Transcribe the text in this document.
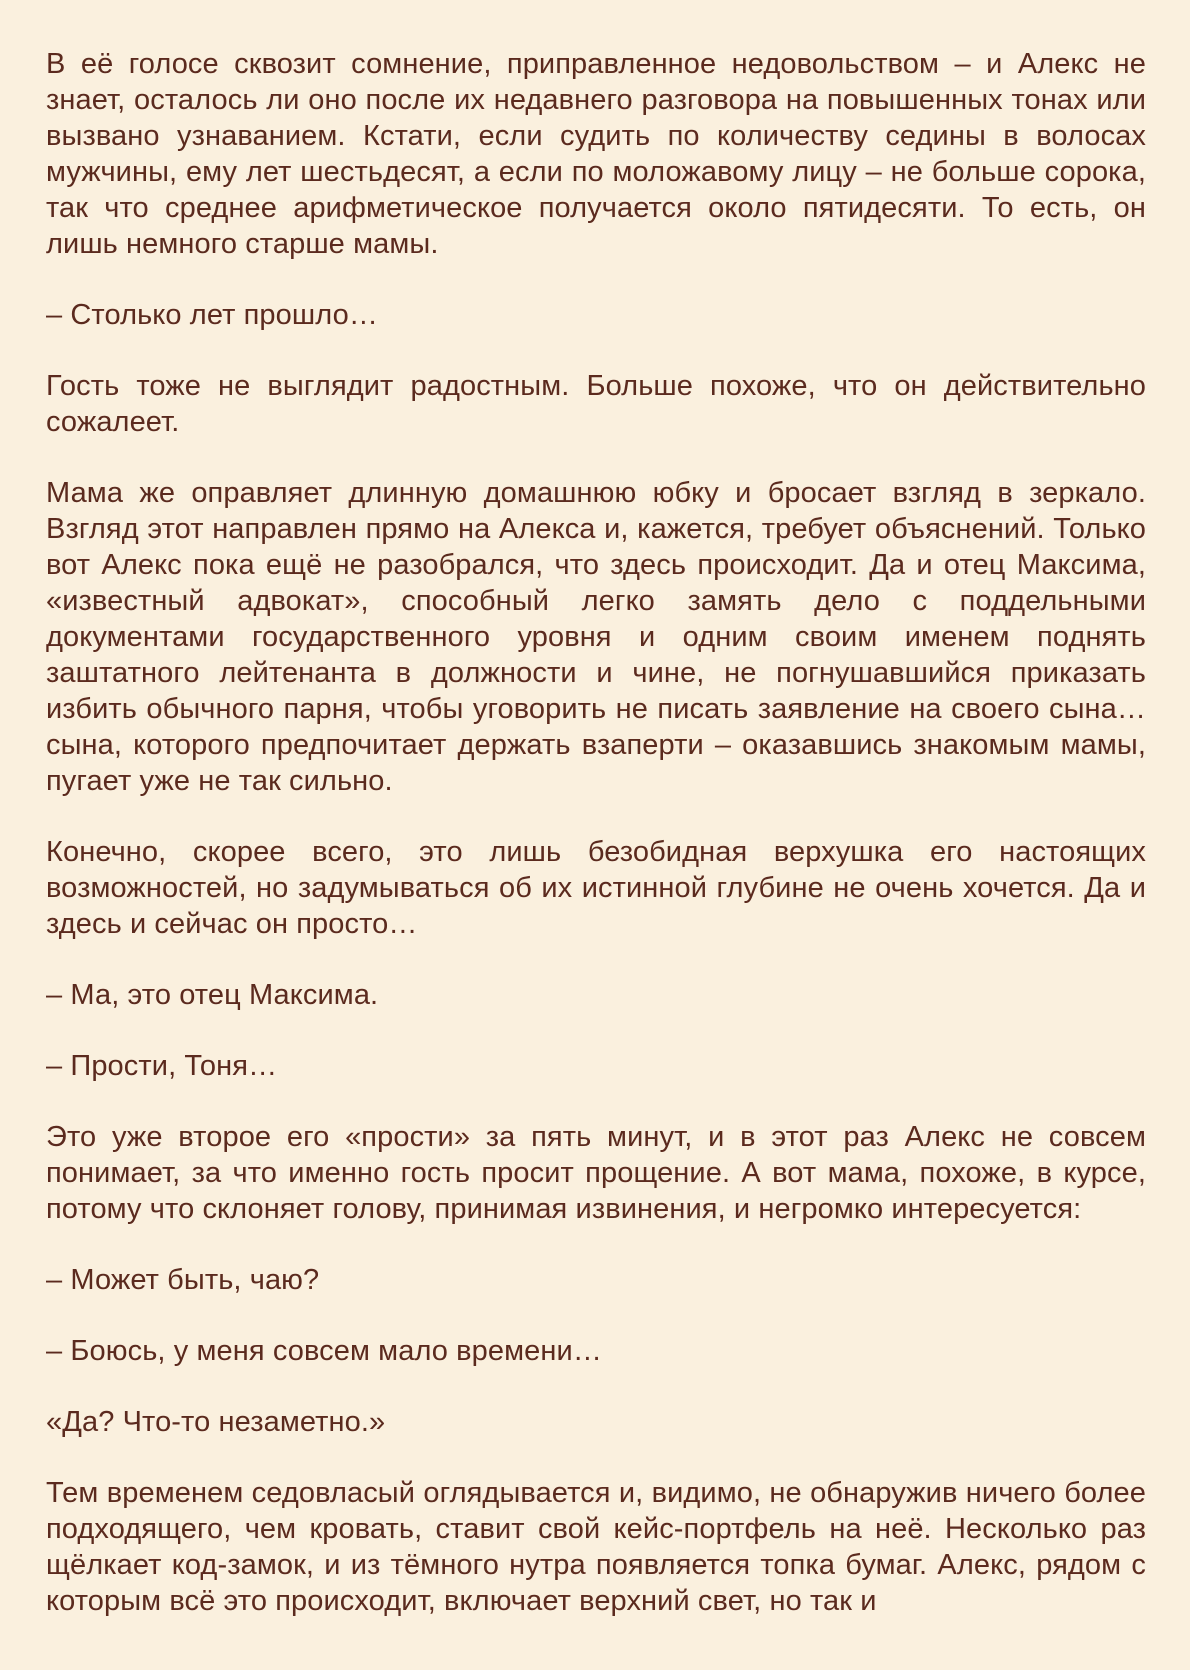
В её голосе сквозит сомнение, приправленное недовольством – и Алекс не знает, осталось ли оно после их недавнего разговора на повышенных тонах или вызвано узнаванием. Кстати, если судить по количеству седины в волосах мужчины, ему лет шестьдесят, а если по моложавому лицу – не больше сорока, так что среднее арифметическое получается около пятидесяти. То есть, он лишь немного старше мамы.

– Столько лет прошло…

Гость тоже не выглядит радостным. Больше похоже, что он действительно сожалеет.

Мама же оправляет длинную домашнюю юбку и бросает взгляд в зеркало. Взгляд этот направлен прямо на Алекса и, кажется, требует объяснений. Только вот Алекс пока ещё не разобрался, что здесь происходит. Да и отец Максима, «известный адвокат», способный легко замять дело с поддельными документами государственного уровня и одним своим именем поднять заштатного лейтенанта в должности и чине, не погнушавшийся приказать избить обычного парня, чтобы уговорить не писать заявление на своего сына… сына, которого предпочитает держать взаперти – оказавшись знакомым мамы, пугает уже не так сильно.

Конечно, скорее всего, это лишь безобидная верхушка его настоящих возможностей, но задумываться об их истинной глубине не очень хочется. Да и здесь и сейчас он просто…

– Ма, это отец Максима.

– Прости, Тоня…

Это уже второе его «прости» за пять минут, и в этот раз Алекс не совсем понимает, за что именно гость просит прощение. А вот мама, похоже, в курсе, потому что склоняет голову, принимая извинения, и негромко интересуется:

– Может быть, чаю?

– Боюсь, у меня совсем мало времени…

«Да? Что-то незаметно.»

Тем временем седовласый оглядывается и, видимо, не обнаружив ничего более подходящего, чем кровать, ставит свой кейс-портфель на неё. Несколько раз щёлкает код-замок, и из тёмного нутра появляется топка бумаг. Алекс, рядом с которым всё это происходит, включает верхний свет, но так и
